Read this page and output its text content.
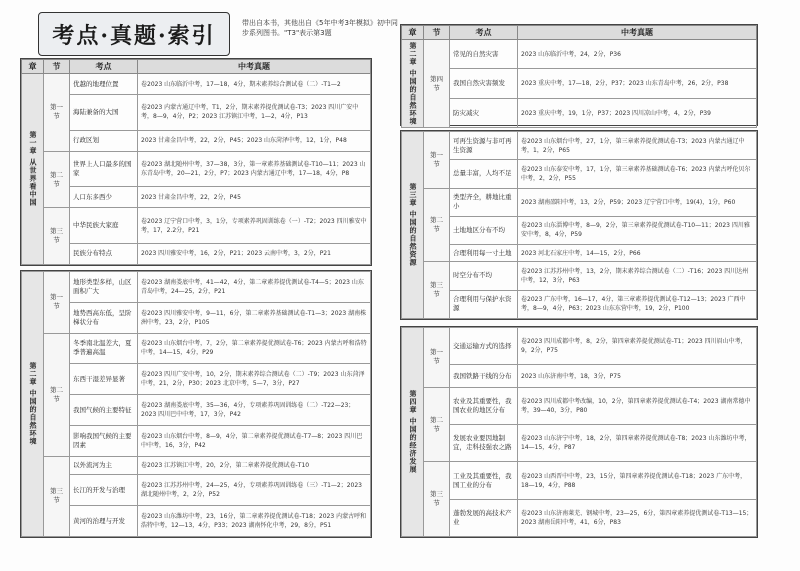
考点·真题·索引	带出自本书，其他出自《5年中考3年模拟》初中同步系列图书。"T3"表示第3题
章	节	考点	中考真题
第一章 从世界看中国	第一节	优越的地理位置	卷2023 山东临沂中考，17—18，4分，期末素养综合测试卷（二）-T1—2
		海陆兼备的大国	卷2023 内蒙古通辽中考，T1，2分，期末素养提优测试卷-T3；2023 四川广安中考，8—9，4分，P2；2023 江苏镇江中考，1—2，4分，P13
		行政区划	2023 甘肃金昌中考，22，2分，P45；2023 山东菏泽中考，12，1分，P48
	第二节	世界上人口最多的国家	卷2023 湖北随州中考，37—38，3分，第一章素养基础测试卷-T10—11；2023 山东青岛中考，20—21，2分，P7；2023 内蒙古通辽中考，17—18，4分，P8
		人口东多西少	2023 甘肃金昌中考，22，2分，P45
	第三节	中华民族大家庭	卷2023 辽宁营口中考，3，1分，专项素养巩固训练卷（一）-T2；2023 四川雅安中考，17，2.2分，P21
		民族分布特点	2023 四川雅安中考，16，2分，P21；2023 云南中考，3，2分，P21
第二章 中国的自然环境	第一节	地形类型多样，山区面积广大	卷2023 湖南娄底中考，41—42，4分，第二章素养提优测试卷-T4—5；2023 山东青岛中考，24—25，2分，P21
		地势西高东低，呈阶梯状分布	卷2023 四川雅安中考，9—11，6分，第二章素养基础测试卷-T1—3；2023 湖南株洲中考，23，2分，P105
	第二节	冬季南北温差大，夏季普遍高温	卷2023 山东烟台中考，7，2分，第二章素养提优测试卷-T6；2023 内蒙古呼和浩特中考，14—15，4分，P29
		东西干湿差异显著	卷2023 四川广安中考，10，2分，期末素养综合测试卷（二）-T9；2023 山东菏泽中考，21，2分，P30；2023 北京中考，5—7，3分，P27
		我国气候的主要特征	卷2023 湖南娄底中考，35—36，4分，专项素养巩固训练卷（二）-T22—23；2023 四川巴中中考，17，3分，P42
		影响我国气候的主要因素	卷2023 山东烟台中考，8—9，4分，第二章素养提优测试卷-T7—8；2023 四川巴中中考，16，3分，P42
	第三节	以外流河为主	卷2023 江苏镇江中考，20，2分，第二章素养提优测试卷-T10
		长江的开发与治理	卷2023 江苏苏州中考，24—25，4分，专项素养巩固训练卷（三）-T1—2；2023 湖北随州中考，2，2分，P52
		黄河的治理与开发	卷2023 山东潍坊中考，23，16分，第二章素养提优测试卷-T18；2023 内蒙古呼和浩特中考，12—13，4分，P33；2023 湖南怀化中考，29，8分，P51
章	节	考点	中考真题
第二章 中国的自然环境	第四节	常见的自然灾害	2023 山东临沂中考，24，2分，P36
		我国自然灾害频发	2023 重庆中考，17—18，2分，P37；2023 山东青岛中考，26，2分，P38
		防灾减灾	2023 重庆中考，19，1分，P37；2023 四川凉山中考，4，2分，P39
第三章 中国的自然资源	第一节	可再生资源与非可再生资源	卷2023 山东烟台中考，27，1分，第三章素养提优测试卷-T3；2023 内蒙古通辽中考，1，2分，P65
		总量丰富，人均不足	卷2023 山东泰安中考，17，1分，第三章素养基础测试卷-T6；2023 内蒙古呼伦贝尔中考，2，2分，P55
	第二节	类型齐全，耕地比重小	2023 湖南邵阳中考，13，2分，P59；2023 辽宁营口中考，19(4)，1分，P60
		土地地区分布不均	卷2023 山东淄博中考，8—9，2分，第三章素养提优测试卷-T10—11；2023 四川雅安中考，8，4分，P59
		合理利用每一寸土地	2023 河北石家庄中考，14—15，2分，P66
	第三节	时空分布不均	卷2023 江苏苏州中考，13，2分，期末素养综合测试卷（二）-T16；2023 四川达州中考，12，3分，P63
		合理利用与保护水资源	卷2023 广东中考，16—17，4分，第三章素养提优测试卷-T12—13；2023 广西中考，8—9，4分，P63；2023 山东东营中考，19，2分，P100
第四章 中国的经济发展	第一节	交通运输方式的选择	卷2023 四川成都中考，8，2分，第四章素养提优测试卷-T1；2023 四川眉山中考，9，2分，P75
		我国铁路干线的分布	2023 山东济南中考，18，3分，P75
	第二节	农业及其重要性，我国农业的地区分布	卷2023 四川成都中考改编，10，2分，第四章素养提优测试卷-T4；2023 湖南常德中考，39—40，3分，P80
		发展农业要因地制宜，走科技强农之路	卷2023 山东济宁中考，18，2分，第四章素养提优测试卷-T8；2023 山东潍坊中考，14—15，4分，P87
	第三节	工业及其重要性，我国工业的分布	卷2023 山西晋中中考，23，15分，第四章素养提优测试卷-T18；2023 广东中考，18—19，4分，P88
		蓬勃发展的高技术产业	卷2023 山东济南莱芜、钢城中考，23—25，6分，第四章素养提优测试卷-T13—15；2023 湖南岳阳中考，41，6分，P83
